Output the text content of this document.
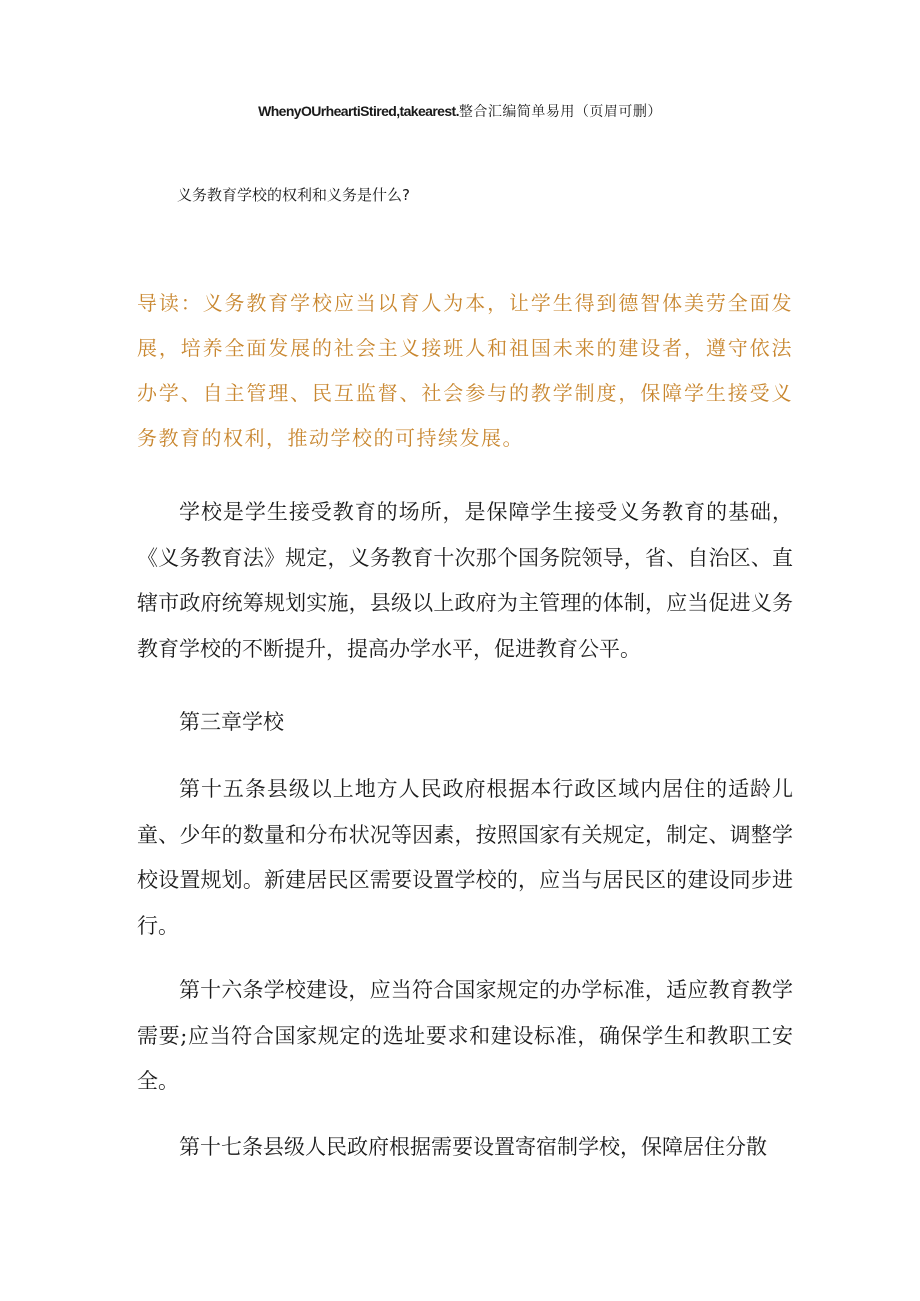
WhenyOUrheartiStired,takearest.整合汇编简单易用（页眉可删）
义务教育学校的权利和义务是什么?

导读：义务教育学校应当以育人为本，让学生得到德智体美劳全面发展，培养全面发展的社会主义接班人和祖国未来的建设者，遵守依法办学、自主管理、民互监督、社会参与的教学制度，保障学生接受义务教育的权利，推动学校的可持续发展。

学校是学生接受教育的场所，是保障学生接受义务教育的基础，《义务教育法》规定，义务教育十次那个国务院领导，省、自治区、直辖市政府统筹规划实施，县级以上政府为主管理的体制，应当促进义务教育学校的不断提升，提高办学水平，促进教育公平。

第三章学校

第十五条县级以上地方人民政府根据本行政区域内居住的适龄儿童、少年的数量和分布状况等因素，按照国家有关规定，制定、调整学校设置规划。新建居民区需要设置学校的，应当与居民区的建设同步进行。

第十六条学校建设，应当符合国家规定的办学标准，适应教育教学需要;应当符合国家规定的选址要求和建设标准，确保学生和教职工安全。

第十七条县级人民政府根据需要设置寄宿制学校，保障居住分散
